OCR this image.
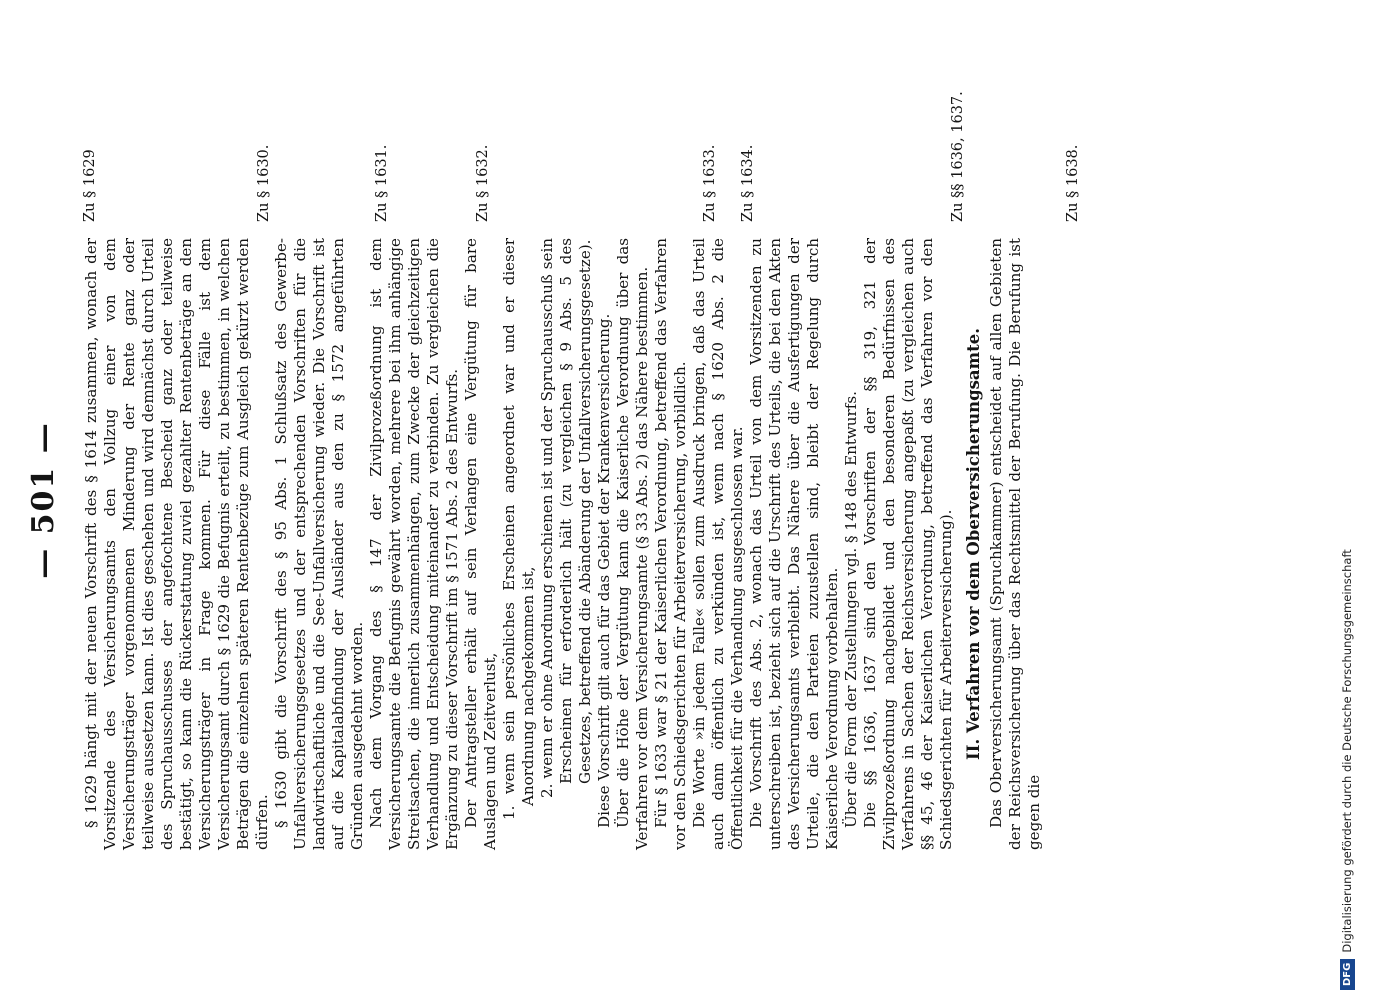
— 501 — § 1629 hängt mit der neuen Vorschrift des § 1614 zusammen, wonach der Vorsitzende des Versicherungsamts den Vollzug einer von dem Versicherungsträger vorgenommenen Minderung der Rente ganz oder teilweise aussetzen kann. Ist dies geschehen und wird demnächst durch Urteil des Spruchausschusses der angefochtene Bescheid ganz oder teilweise bestätigt, so kann die Rückerstattung zuviel gezahlter Rentenbeträge an den Versicherungsträger in Frage kommen. Für diese Fälle ist dem Versicherungsamt durch § 1629 die Befugnis erteilt, zu bestimmen, in welchen Beträgen die einzelnen späteren Rentenbezüge zum Ausgleich gekürzt werden dürfen. § 1630 gibt die Vorschrift des § 95 Abs. 1 Schlußsatz des Gewerbe-Unfallversicherungsgesetzes und der entsprechenden Vorschriften für die landwirtschaftliche und die See-Unfallversicherung wieder. Die Vorschrift ist auf die Kapitalabfindung der Ausländer aus den zu § 1572 angeführten Gründen ausgedehnt worden. Nach dem Vorgang des § 147 der Zivilprozeßordnung ist dem Versicherungsamte die Befugnis gewährt worden, mehrere bei ihm anhängige Streitsachen, die innerlich zusammenhängen, zum Zwecke der gleichzeitigen Verhandlung und Entscheidung miteinander zu verbinden. Zu vergleichen die Ergänzung zu dieser Vorschrift im § 1571 Abs. 2 des Entwurfs. Der Antragsteller erhält auf sein Verlangen eine Vergütung für bare Auslagen und Zeitverlust, 1. wenn sein persönliches Erscheinen angeordnet war und er dieser Anordnung nachgekommen ist, 2. wenn er ohne Anordnung erschienen ist und der Spruchausschuß sein Erscheinen für erforderlich hält (zu vergleichen § 9 Abs. 5 des Gesetzes, betreffend die Abänderung der Unfallversicherungsgesetze). Diese Vorschrift gilt auch für das Gebiet der Krankenversicherung. Über die Höhe der Vergütung kann die Kaiserliche Verordnung über das Verfahren vor dem Versicherungsamte (§ 33 Abs. 2) das Nähere bestimmen. Für § 1633 war § 21 der Kaiserlichen Verordnung, betreffend das Verfahren vor den Schiedsgerichten für Arbeiterversicherung, vorbildlich. Die Worte »in jedem Falle« sollen zum Ausdruck bringen, daß das Urteil auch dann öffentlich zu verkünden ist, wenn nach § 1620 Abs. 2 die Öffentlichkeit für die Verhandlung ausgeschlossen war. Die Vorschrift des Abs. 2, wonach das Urteil von dem Vorsitzenden zu unterschreiben ist, bezieht sich auf die Urschrift des Urteils, die bei den Akten des Versicherungsamts verbleibt. Das Nähere über die Ausfertigungen der Urteile, die den Parteien zuzustellen sind, bleibt der Regelung durch Kaiserliche Verordnung vorbehalten. Über die Form der Zustellungen vgl. § 148 des Entwurfs. Die §§ 1636, 1637 sind den Vorschriften der §§ 319, 321 der Zivilprozeßordnung nachgebildet und den besonderen Bedürfnissen des Verfahrens in Sachen der Reichsversicherung angepaßt (zu vergleichen auch §§ 45, 46 der Kaiserlichen Verordnung, betreffend das Verfahren vor den Schiedsgerichten für Arbeiterversicherung). II. Verfahren vor dem Oberversicherungsamte. Das Oberversicherungsamt (Spruchkammer) entscheidet auf allen Gebieten der Reichsversicherung über das Rechtsmittel der Berufung. Die Berufung ist gegen die

Zu § 1629	Zu § 1630.	Zu § 1631.	Zu § 1632.	Zu § 1633. Zu § 1634.	Zu §§ 1636, 1637.	Zu § 1638.
DFGDigitalisierung gefördert durch die Deutsche Forschungsgemeinschaft
